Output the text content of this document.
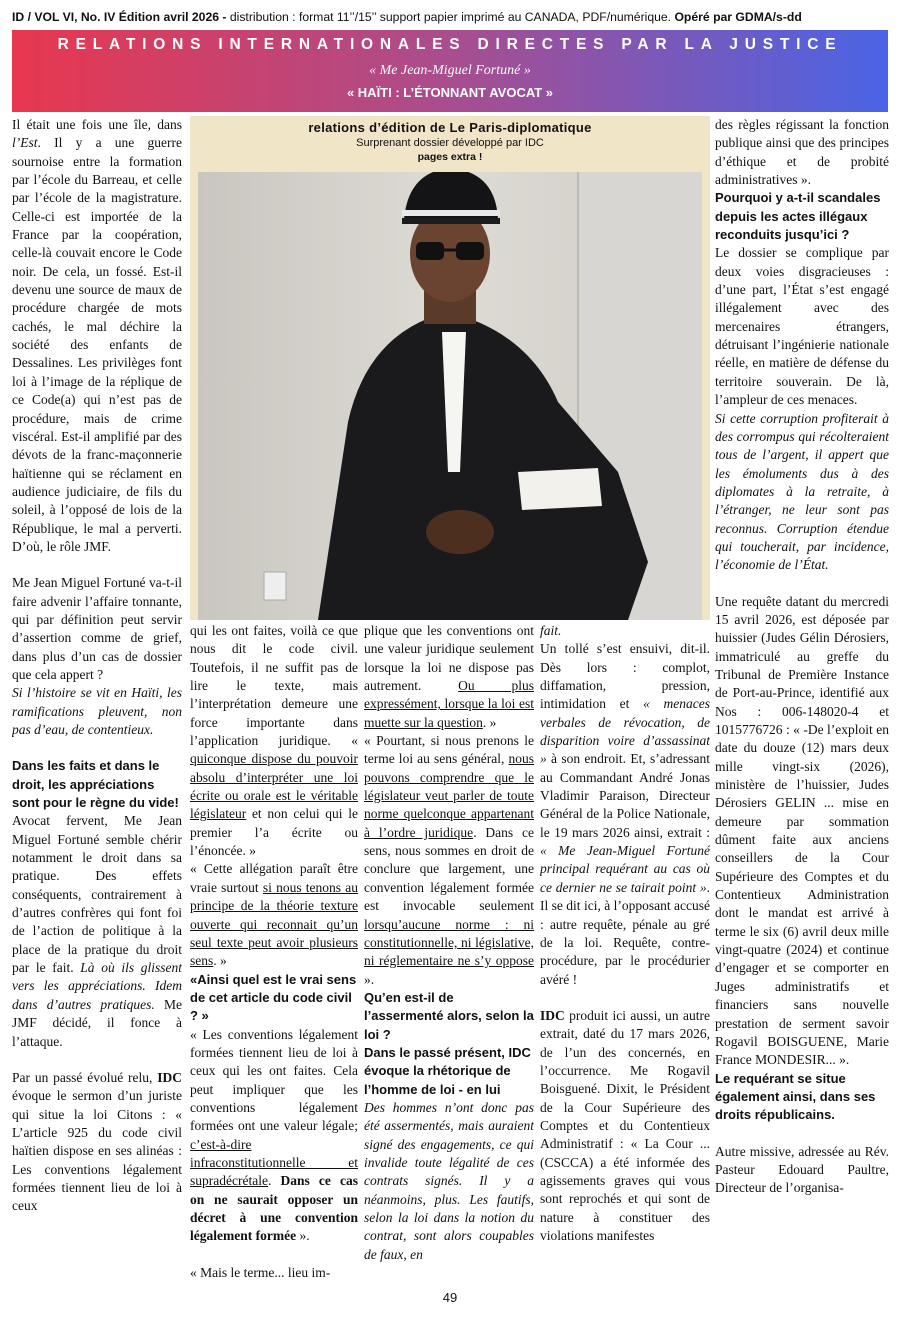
ID / VOL VI, No. IV Édition avril 2026 - distribution : format 11’’/15’’ support papier imprimé au CANADA, PDF/numérique. Opéré par GDMA/s-dd
RELATIONS INTERNATIONALES DIRECTES PAR LA JUSTICE
« Me Jean-Miguel Fortuné »
« HAÏTI : L’ÉTONNANT AVOCAT »

Il était une fois une île, dans l’Est. Il y a une guerre sournoise entre la formation par l’école du Barreau, et celle par l’école de la magistrature. Celle-ci est importée de la France par la coopération, celle-là couvait encore le Code noir. De cela, un fossé. Est-il devenu une source de maux de procédure chargée de mots cachés, le mal déchire la société des enfants de Dessalines. Les privilèges font loi à l’image de la réplique de ce Code(a) qui n’est pas de procédure, mais de crime viscéral. Est-il amplifié par des dévots de la franc-maçonnerie haïtienne qui se réclament en audience judiciaire, de fils du soleil, à l’opposé de lois de la République, le mal a perverti. D’où, le rôle JMF.

Me Jean Miguel Fortuné va-t-il faire advenir l’affaire tonnante, qui par définition peut servir d’assertion comme de grief, dans plus d’un cas de dossier que cela appert ?

Si l’histoire se vit en Haïti, les ramifications pleuvent, non pas d’eau, de contentieux.

Dans les faits et dans le droit, les appréciations sont pour le règne du vide!

Avocat fervent, Me Jean Miguel Fortuné semble chérir notamment le droit dans sa pratique. Des effets conséquents, contrairement à d’autres confrères qui font foi de l’action de politique à la place de la pratique du droit par le fait. Là où ils glissent vers les appréciations. Idem dans d’autres pratiques. Me JMF décidé, il fonce à l’attaque.

Par un passé évolué relu, IDC évoque le sermon d’un juriste qui situe la loi Citons : « L’article 925 du code civil haïtien dispose en ses alinéas : Les conventions légalement formées tiennent lieu de loi à ceux

relations d’édition de Le Paris-diplomatique
Surprenant dossier développé par IDC
pages extra !

qui les ont faites, voilà ce que nous dit le code civil. Toutefois, il ne suffit pas de lire le texte, mais l’interprétation demeure une force importante dans l’application juridique. « quiconque dispose du pouvoir absolu d’interpréter une loi écrite ou orale est le véritable législateur et non celui qui le premier l’a écrite ou l’énoncée. »

« Cette allégation paraît être vraie surtout si nous tenons au principe de la théorie texture ouverte qui reconnait qu’un seul texte peut avoir plusieurs sens. »

«Ainsi quel est le vrai sens de cet article du code civil ? »

« Les conventions légalement formées tiennent lieu de loi à ceux qui les ont faites. Cela peut impliquer que les conventions légalement formées ont une valeur légale; c’est-à-dire infraconstitutionnelle et supradécrétale. Dans ce cas on ne saurait opposer un décret à une convention légalement formée ».

« Mais le terme... lieu im-

plique que les conventions ont une valeur juridique seulement lorsque la loi ne dispose pas autrement. Ou plus expressément, lorsque la loi est muette sur la question. »

« Pourtant, si nous prenons le terme loi au sens général, nous pouvons comprendre que le législateur veut parler de toute norme quelconque appartenant à l’ordre juridique. Dans ce sens, nous sommes en droit de conclure que largement, une convention légalement formée est invocable seulement lorsqu’aucune norme : ni constitutionnelle, ni législative, ni réglementaire ne s’y oppose ».

Qu’en est-il de l’assermenté alors, selon la loi ?
Dans le passé présent, IDC évoque la rhétorique de l’homme de loi - en lui

Des hommes n’ont donc pas été assermentés, mais auraient signé des engagements, ce qui invalide toute légalité de ces contrats signés. Il y a néanmoins, plus. Les fautifs, selon la loi dans la notion du contrat, sont alors coupables de faux, en

fait.

Un tollé s’est ensuivi, dit-il. Dès lors : complot, diffamation, pression, intimidation et « menaces verbales de révocation, de disparition voire d’assassinat » à son endroit. Et, s’adressant au Commandant André Jonas Vladimir Paraison, Directeur Général de la Police Nationale, le 19 mars 2026 ainsi, extrait : « Me Jean-Miguel Fortuné principal requérant au cas où ce dernier ne se tairait point ». Il se dit ici, à l’opposant accusé : autre requête, pénale au gré de la loi. Requête, contre-procédure, par le procédurier avéré !

IDC produit ici aussi, un autre extrait, daté du 17 mars 2026, de l’un des concernés, en l’occurrence. Me Rogavil Boisguené. Dixit, le Président de la Cour Supérieure des Comptes et du Contentieux Administratif : « La Cour ... (CSCCA) a été informée des agissements graves qui vous sont reprochés et qui sont de nature à constituer des violations manifestes

des règles régissant la fonction publique ainsi que des principes d’éthique et de probité administratives ».

Pourquoi y a-t-il scandales depuis les actes illégaux reconduits jusqu’ici ?

Le dossier se complique par deux voies disgracieuses : d’une part, l’État s’est engagé illégalement avec des mercenaires étrangers, détruisant l’ingénierie nationale réelle, en matière de défense du territoire souverain. De là, l’ampleur de ces menaces.

Si cette corruption profiterait à des corrompus qui récolteraient tous de l’argent, il appert que les émoluments dus à des diplomates à la retraite, à l’étranger, ne leur sont pas reconnus. Corruption étendue qui toucherait, par incidence, l’économie de l’État.

Une requête datant du mercredi 15 avril 2026, est déposée par huissier (Judes Gélin Dérosiers, immatriculé au greffe du Tribunal de Première Instance de Port-au-Prince, identifié aux Nos : 006-148020-4 et 1015776726 : « -De l’exploit en date du douze (12) mars deux mille vingt-six (2026), ministère de l’huissier, Judes Dérosiers GELIN ... mise en demeure par sommation dûment faite aux anciens conseillers de la Cour Supérieure des Comptes et du Contentieux Administration dont le mandat est arrivé à terme le six (6) avril deux mille vingt-quatre (2024) et continue d’engager et se comporter en Juges administratifs et financiers sans nouvelle prestation de serment savoir Rogavil BOISGUENE, Marie France MONDESIR... ».

Le requérant se situe également ainsi, dans ses droits républicains.

Autre missive, adressée au Rév. Pasteur Edouard Paultre, Directeur de l’organisa-

49
